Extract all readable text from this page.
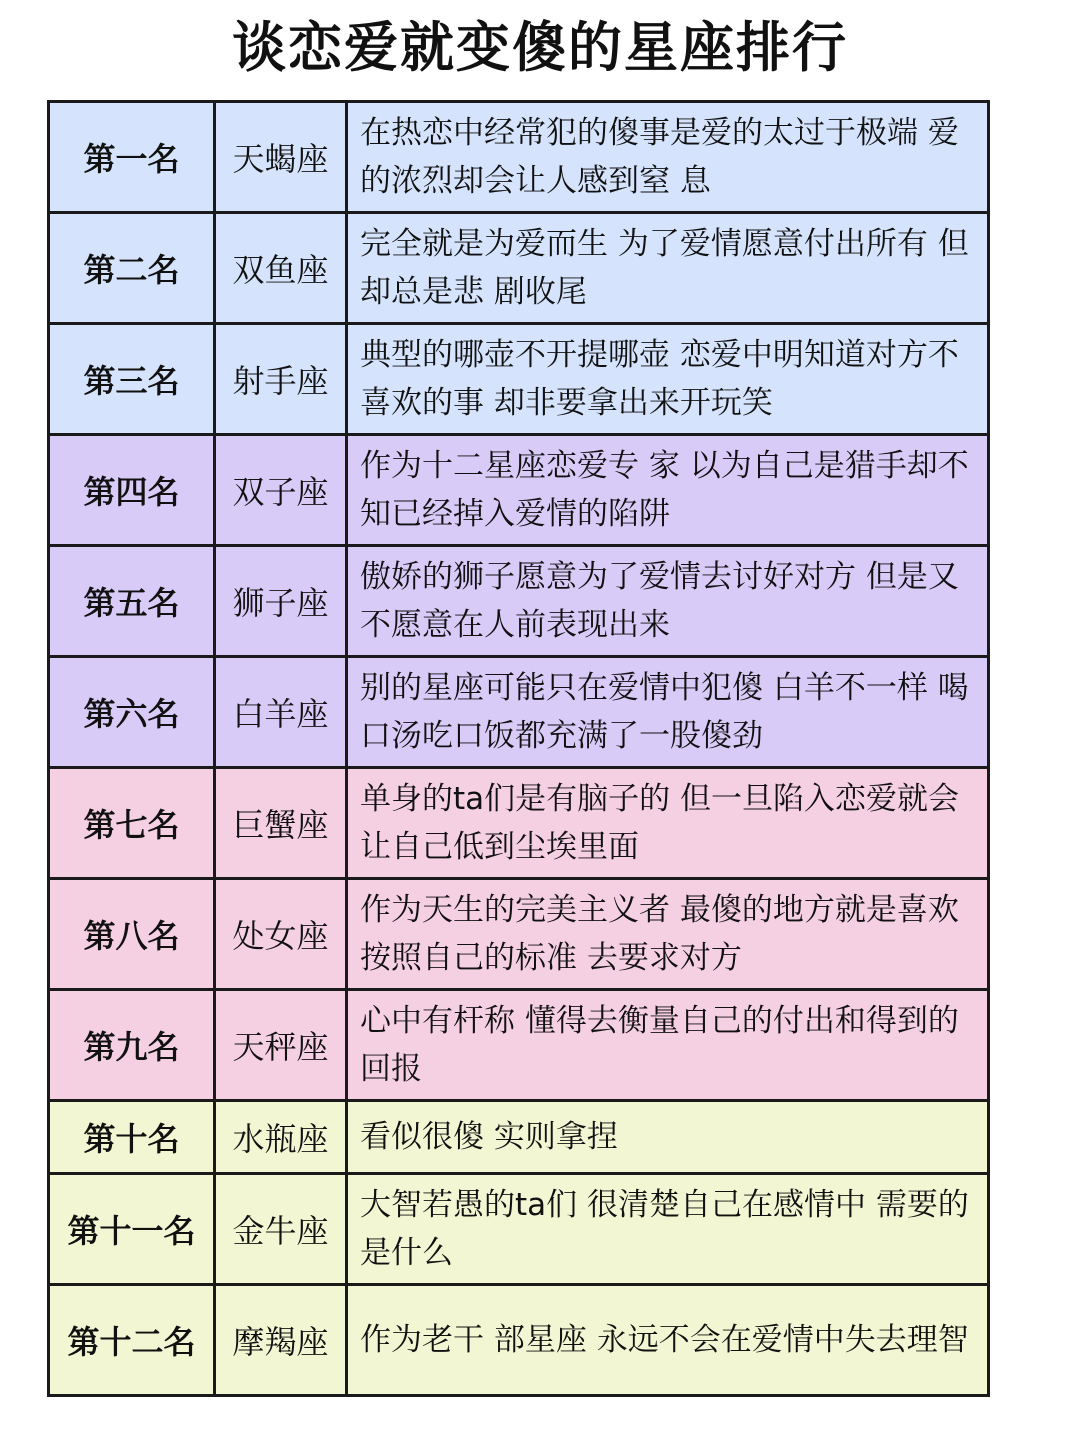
谈恋爱就变傻的星座排行
第一名	天蝎座	在热恋中经常犯的傻事是爱的太过于极端 爱的浓烈却会让人感到窒 息
第二名	双鱼座	完全就是为爱而生 为了爱情愿意付出所有 但却总是悲 剧收尾
第三名	射手座	典型的哪壶不开提哪壶 恋爱中明知道对方不喜欢的事 却非要拿出来开玩笑
第四名	双子座	作为十二星座恋爱专 家 以为自己是猎手却不知已经掉入爱情的陷阱
第五名	狮子座	傲娇的狮子愿意为了爱情去讨好对方 但是又不愿意在人前表现出来
第六名	白羊座	别的星座可能只在爱情中犯傻 白羊不一样 喝口汤吃口饭都充满了一股傻劲
第七名	巨蟹座	单身的ta们是有脑子的 但一旦陷入恋爱就会让自己低到尘埃里面
第八名	处女座	作为天生的完美主义者 最傻的地方就是喜欢按照自己的标准 去要求对方
第九名	天秤座	心中有杆称 懂得去衡量自己的付出和得到的回报
第十名	水瓶座	看似很傻 实则拿捏
第十一名	金牛座	大智若愚的ta们 很清楚自己在感情中 需要的是什么
第十二名	摩羯座	作为老干 部星座 永远不会在爱情中失去理智
